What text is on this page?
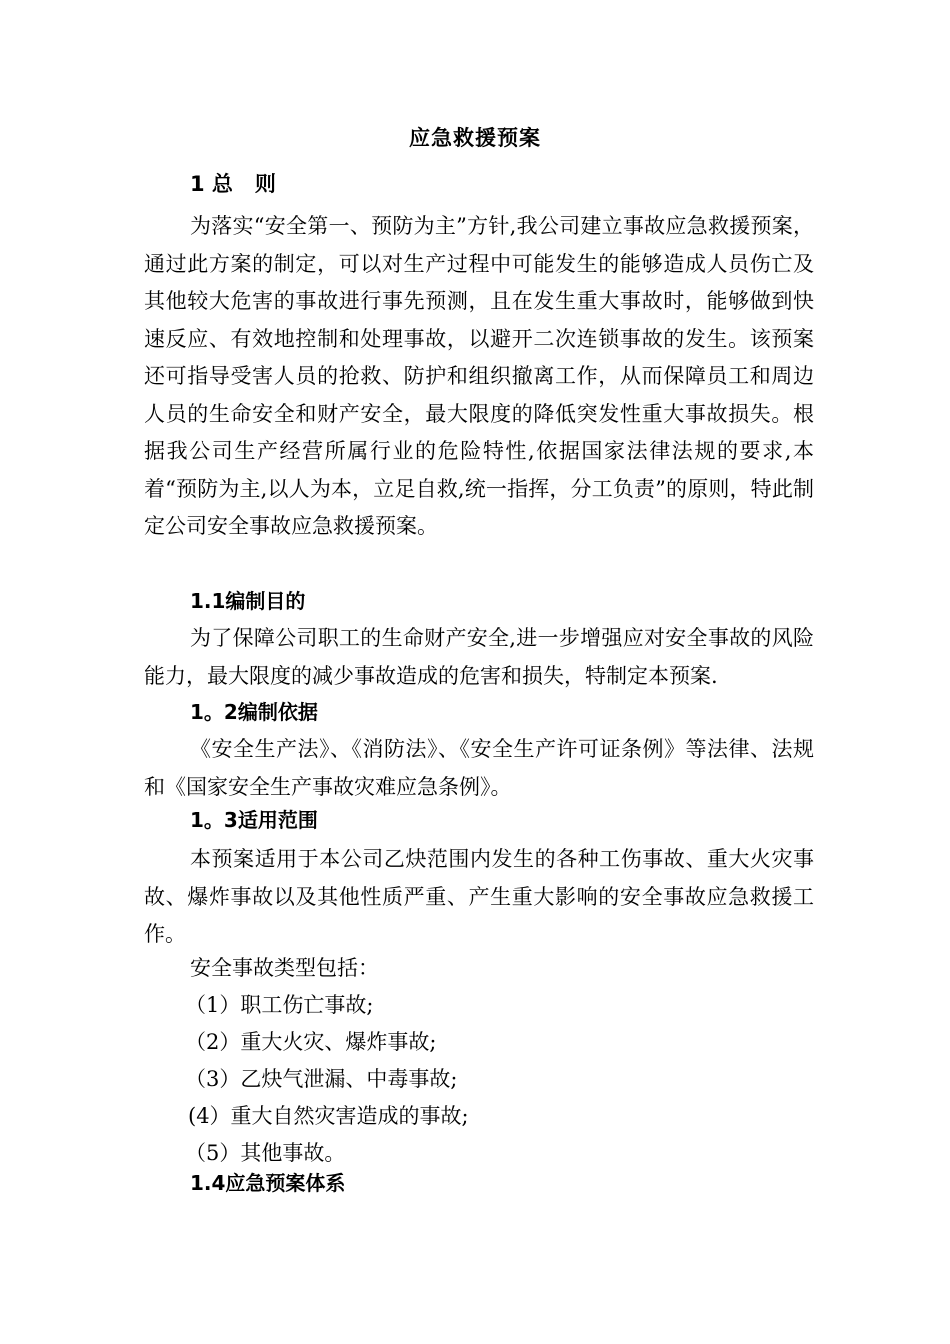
应急救援预案
1 总   则

为落实“安全第一、预防为主”方针,我公司建立事故应急救援预案，通过此方案的制定，可以对生产过程中可能发生的能够造成人员伤亡及其他较大危害的事故进行事先预测，且在发生重大事故时，能够做到快速反应、有效地控制和处理事故，以避开二次连锁事故的发生。该预案还可指导受害人员的抢救、防护和组织撤离工作，从而保障员工和周边人员的生命安全和财产安全，最大限度的降低突发性重大事故损失。根据我公司生产经营所属行业的危险特性,依据国家法律法规的要求,本着“预防为主,以人为本，立足自救,统一指挥，分工负责”的原则，特此制定公司安全事故应急救援预案。

1.1编制目的

为了保障公司职工的生命财产安全,进一步增强应对安全事故的风险能力，最大限度的减少事故造成的危害和损失，特制定本预案.

1。2编制依据

《安全生产法》、《消防法》、《安全生产许可证条例》等法律、法规和《国家安全生产事故灾难应急条例》。

1。3适用范围

本预案适用于本公司乙炔范围内发生的各种工伤事故、重大火灾事故、爆炸事故以及其他性质严重、产生重大影响的安全事故应急救援工作。

安全事故类型包括：
（1）职工伤亡事故;
（2）重大火灾、爆炸事故;
（3）乙炔气泄漏、中毒事故;
(4）重大自然灾害造成的事故;
（5）其他事故。
1.4应急预案体系
